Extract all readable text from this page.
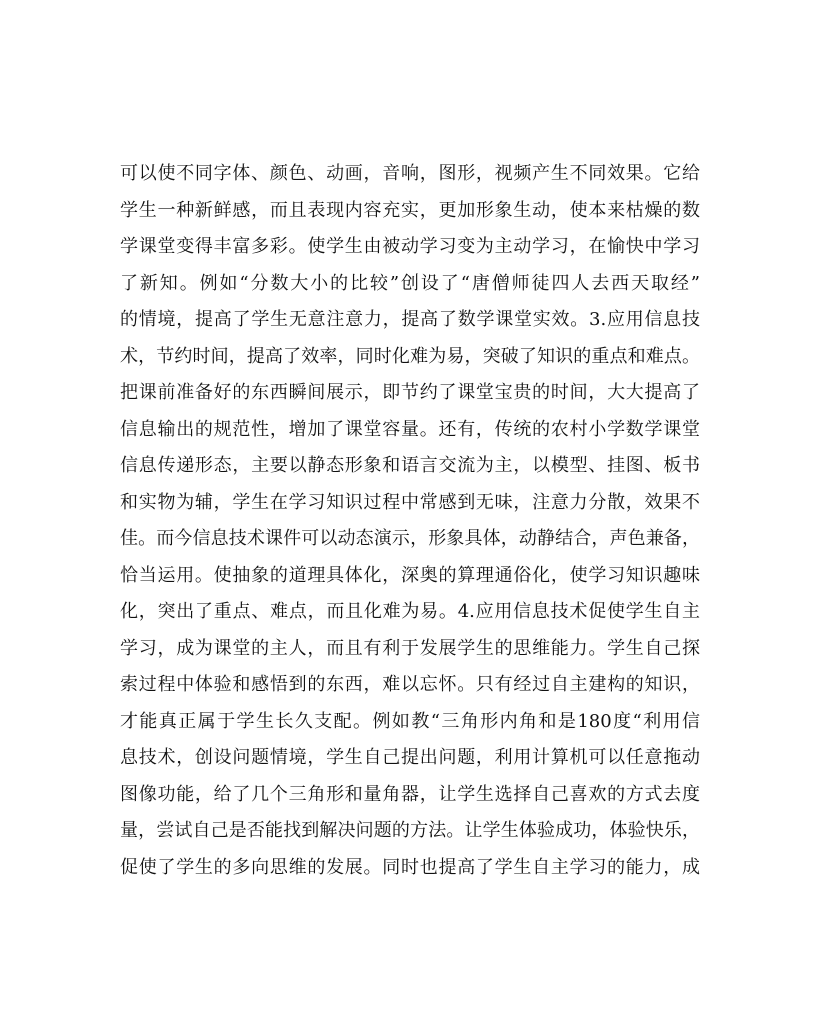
可以使不同字体、颜色、动画，音响，图形，视频产生不同效果。它给
学生一种新鲜感，而且表现内容充实，更加形象生动，使本来枯燥的数
学课堂变得丰富多彩。使学生由被动学习变为主动学习，在愉快中学习
了新知。例如“分数大小的比较”创设了“唐僧师徒四人去西天取经”
的情境，提高了学生无意注意力，提高了数学课堂实效。3.应用信息技
术，节约时间，提高了效率，同时化难为易，突破了知识的重点和难点。
把课前准备好的东西瞬间展示，即节约了课堂宝贵的时间，大大提高了
信息输出的规范性，增加了课堂容量。还有，传统的农村小学数学课堂
信息传递形态，主要以静态形象和语言交流为主，以模型、挂图、板书
和实物为辅，学生在学习知识过程中常感到无味，注意力分散，效果不
佳。而今信息技术课件可以动态演示，形象具体，动静结合，声色兼备，
恰当运用。使抽象的道理具体化，深奥的算理通俗化，使学习知识趣味
化，突出了重点、难点，而且化难为易。4.应用信息技术促使学生自主
学习，成为课堂的主人，而且有利于发展学生的思维能力。学生自己探
索过程中体验和感悟到的东西，难以忘怀。只有经过自主建构的知识，
才能真正属于学生长久支配。例如教“三角形内角和是180度“利用信
息技术，创设问题情境，学生自己提出问题，利用计算机可以任意拖动
图像功能，给了几个三角形和量角器，让学生选择自己喜欢的方式去度
量，尝试自己是否能找到解决问题的方法。让学生体验成功，体验快乐，
促使了学生的多向思维的发展。同时也提高了学生自主学习的能力，成
